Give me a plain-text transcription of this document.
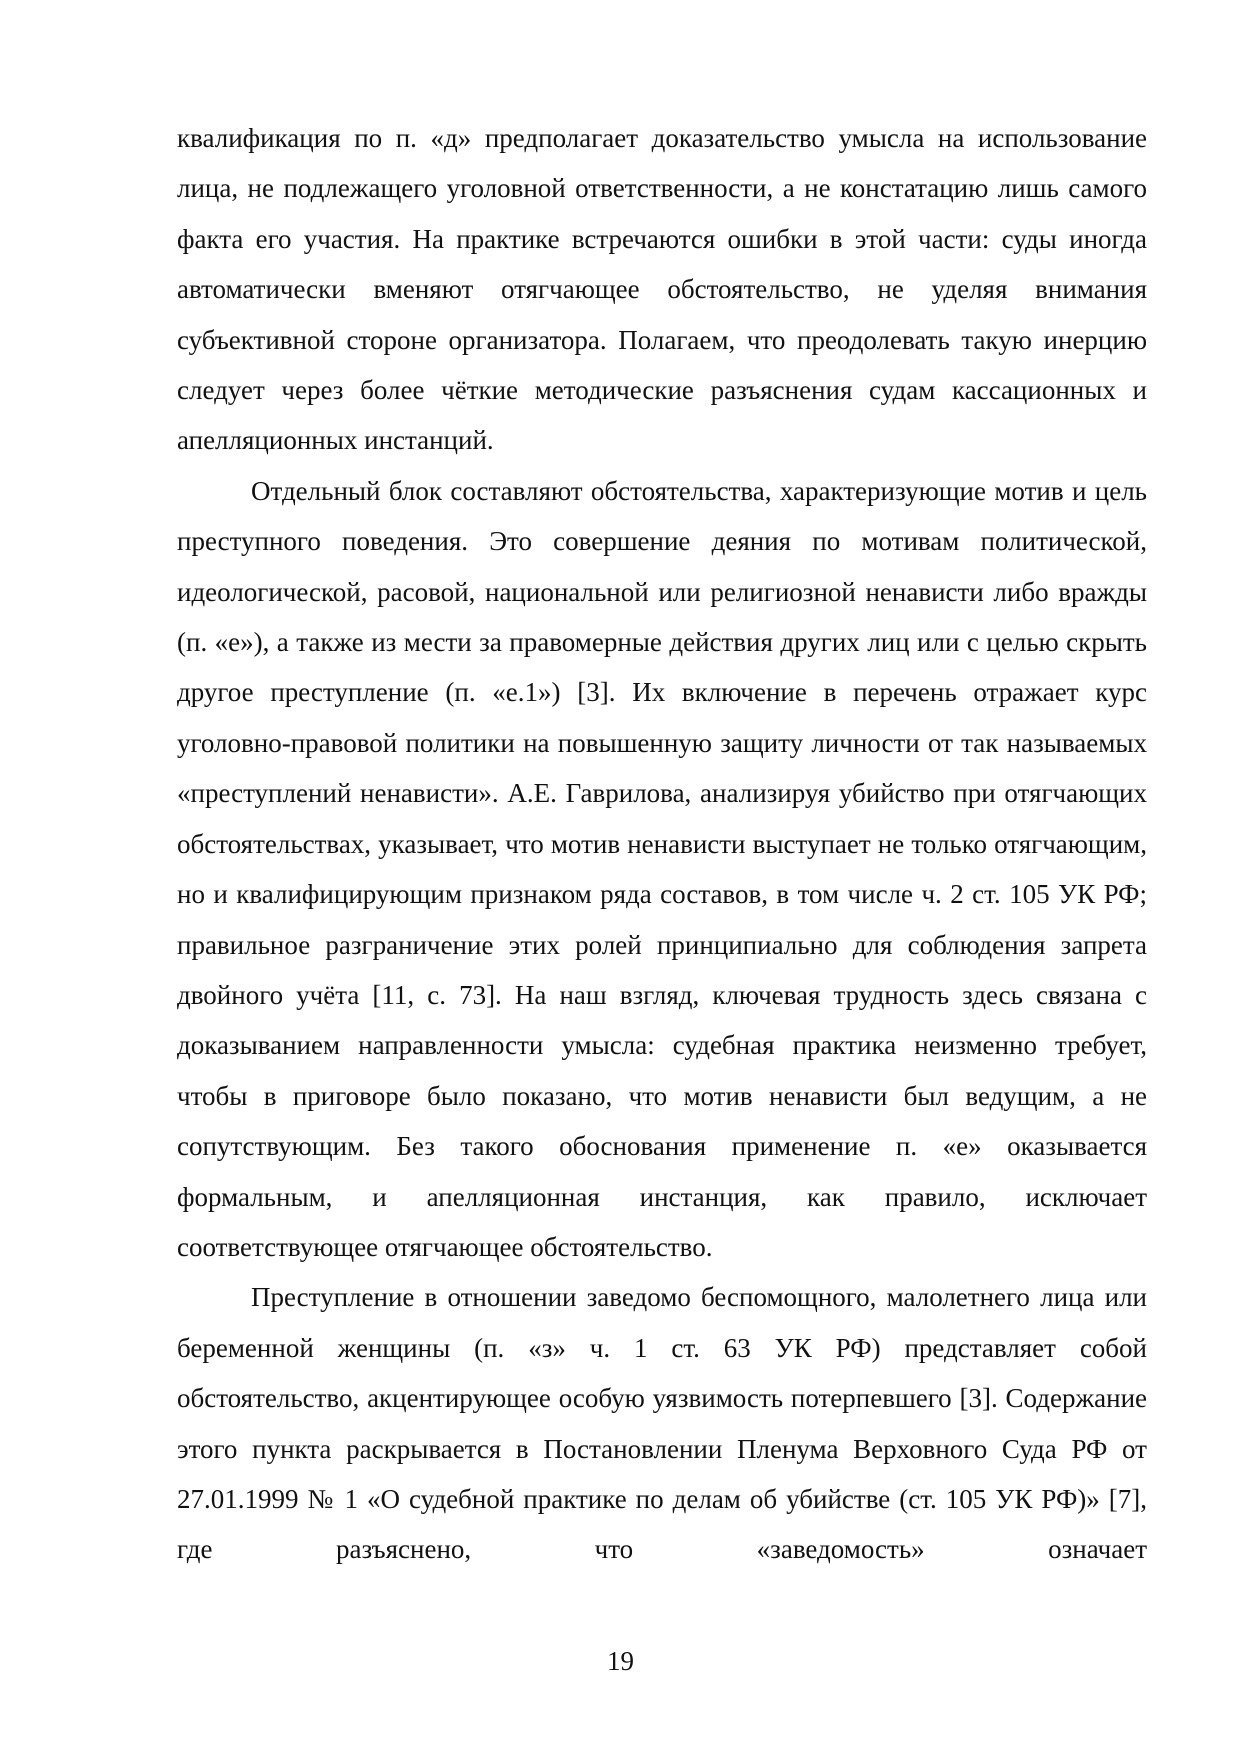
квалификация по п. «д» предполагает доказательство умысла на использование лица, не подлежащего уголовной ответственности, а не констатацию лишь самого факта его участия. На практике встречаются ошибки в этой части: суды иногда автоматически вменяют отягчающее обстоятельство, не уделяя внимания субъективной стороне организатора. Полагаем, что преодолевать такую инерцию следует через более чёткие методические разъяснения судам кассационных и апелляционных инстанций.

Отдельный блок составляют обстоятельства, характеризующие мотив и цель преступного поведения. Это совершение деяния по мотивам политической, идеологической, расовой, национальной или религиозной ненависти либо вражды (п. «е»), а также из мести за правомерные действия других лиц или с целью скрыть другое преступление (п. «е.1») [3]. Их включение в перечень отражает курс уголовно-правовой политики на повышенную защиту личности от так называемых «преступлений ненависти». А.Е. Гаврилова, анализируя убийство при отягчающих обстоятельствах, указывает, что мотив ненависти выступает не только отягчающим, но и квалифицирующим признаком ряда составов, в том числе ч. 2 ст. 105 УК РФ; правильное разграничение этих ролей принципиально для соблюдения запрета двойного учёта [11, с. 73]. На наш взгляд, ключевая трудность здесь связана с доказыванием направленности умысла: судебная практика неизменно требует, чтобы в приговоре было показано, что мотив ненависти был ведущим, а не сопутствующим. Без такого обоснования применение п. «е» оказывается формальным, и апелляционная инстанция, как правило, исключает соответствующее отягчающее обстоятельство.

Преступление в отношении заведомо беспомощного, малолетнего лица или беременной женщины (п. «з» ч. 1 ст. 63 УК РФ) представляет собой обстоятельство, акцентирующее особую уязвимость потерпевшего [3]. Содержание этого пункта раскрывается в Постановлении Пленума Верховного Суда РФ от 27.01.1999 № 1 «О судебной практике по делам об убийстве (ст. 105 УК РФ)» [7], где разъяснено, что «заведомость» означает

19
